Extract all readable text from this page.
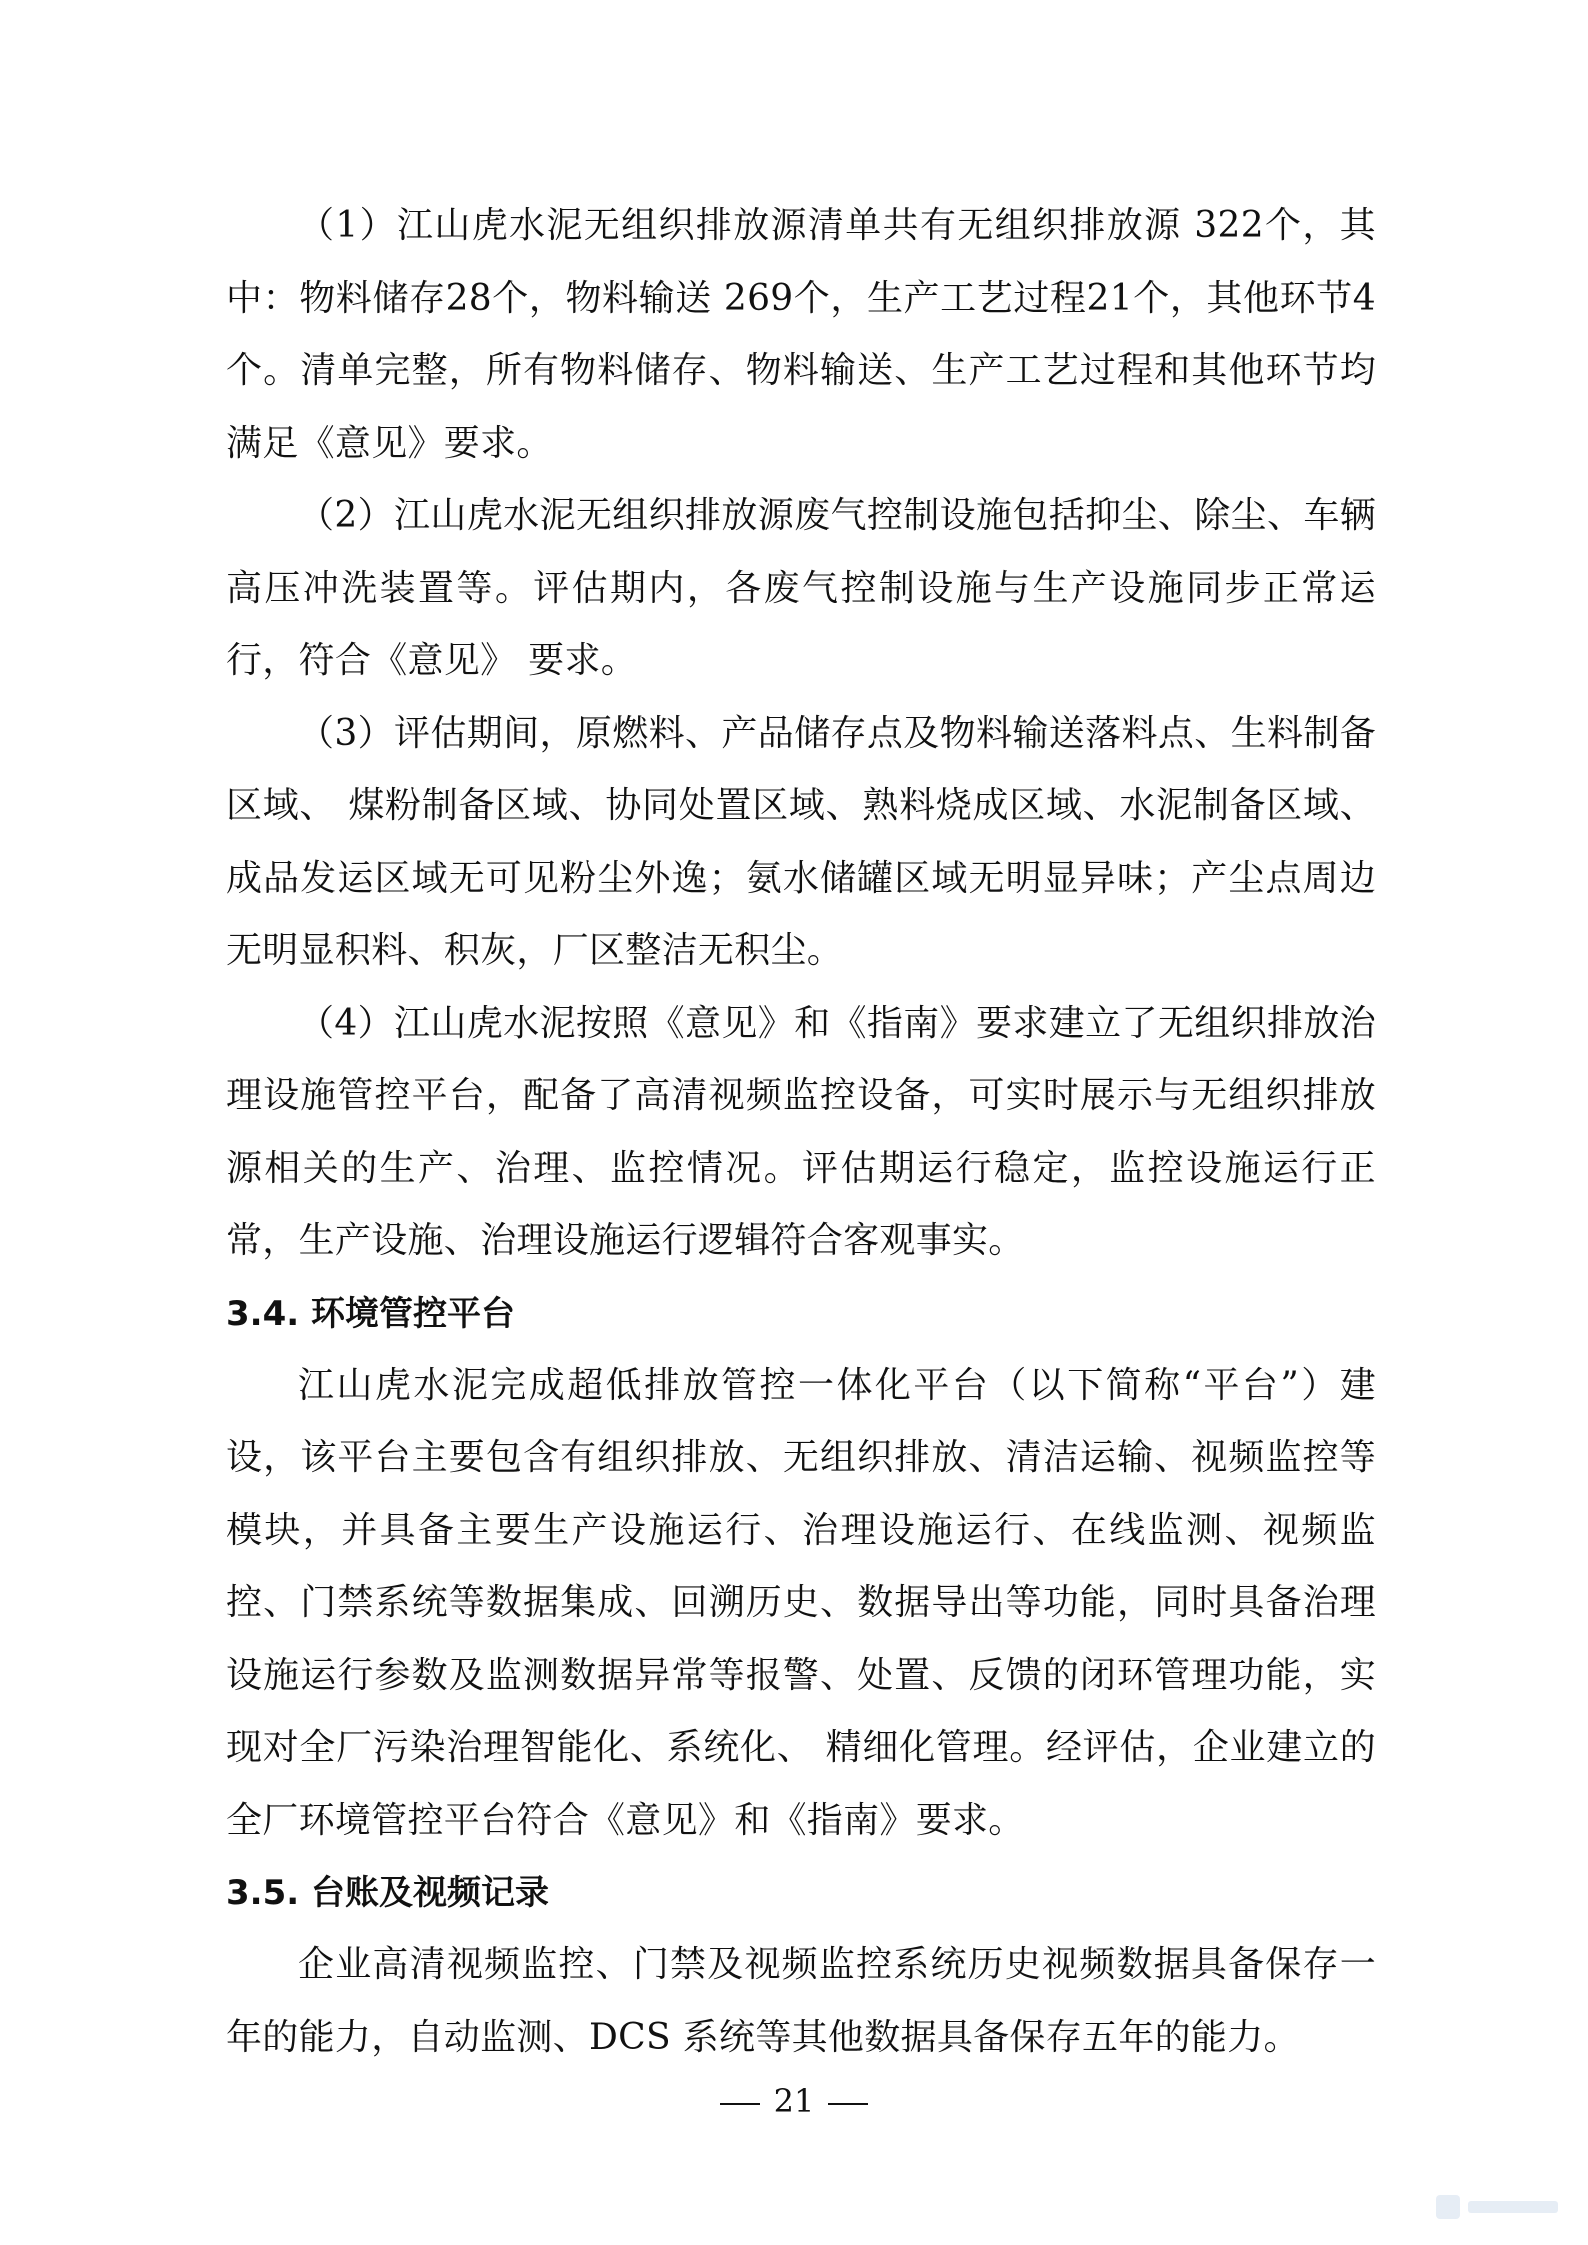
（1）江山虎水泥无组织排放源清单共有无组织排放源 322个，其中：物料储存28个，物料输送 269个，生产工艺过程21个，其他环节4个。清单完整，所有物料储存、物料输送、生产工艺过程和其他环节均满足《意见》要求。

（2）江山虎水泥无组织排放源废气控制设施包括抑尘、除尘、车辆高压冲洗装置等。评估期内，各废气控制设施与生产设施同步正常运行，符合《意见》 要求。

（3）评估期间，原燃料、产品储存点及物料输送落料点、生料制备区域、 煤粉制备区域、协同处置区域、熟料烧成区域、水泥制备区域、成品发运区域无可见粉尘外逸；氨水储罐区域无明显异味；产尘点周边无明显积料、积灰，厂区整洁无积尘。

（4）江山虎水泥按照《意见》和《指南》要求建立了无组织排放治理设施管控平台，配备了高清视频监控设备，可实时展示与无组织排放源相关的生产、治理、监控情况。评估期运行稳定，监控设施运行正常，生产设施、治理设施运行逻辑符合客观事实。

3.4. 环境管控平台

江山虎水泥完成超低排放管控一体化平台（以下简称“平台”）建设，该平台主要包含有组织排放、无组织排放、清洁运输、视频监控等模块，并具备主要生产设施运行、治理设施运行、在线监测、视频监控、门禁系统等数据集成、回溯历史、数据导出等功能，同时具备治理设施运行参数及监测数据异常等报警、处置、反馈的闭环管理功能，实现对全厂污染治理智能化、系统化、 精细化管理。经评估，企业建立的全厂环境管控平台符合《意见》和《指南》要求。

3.5. 台账及视频记录

企业高清视频监控、门禁及视频监控系统历史视频数据具备保存一年的能力，自动监测、DCS 系统等其他数据具备保存五年的能力。

21
